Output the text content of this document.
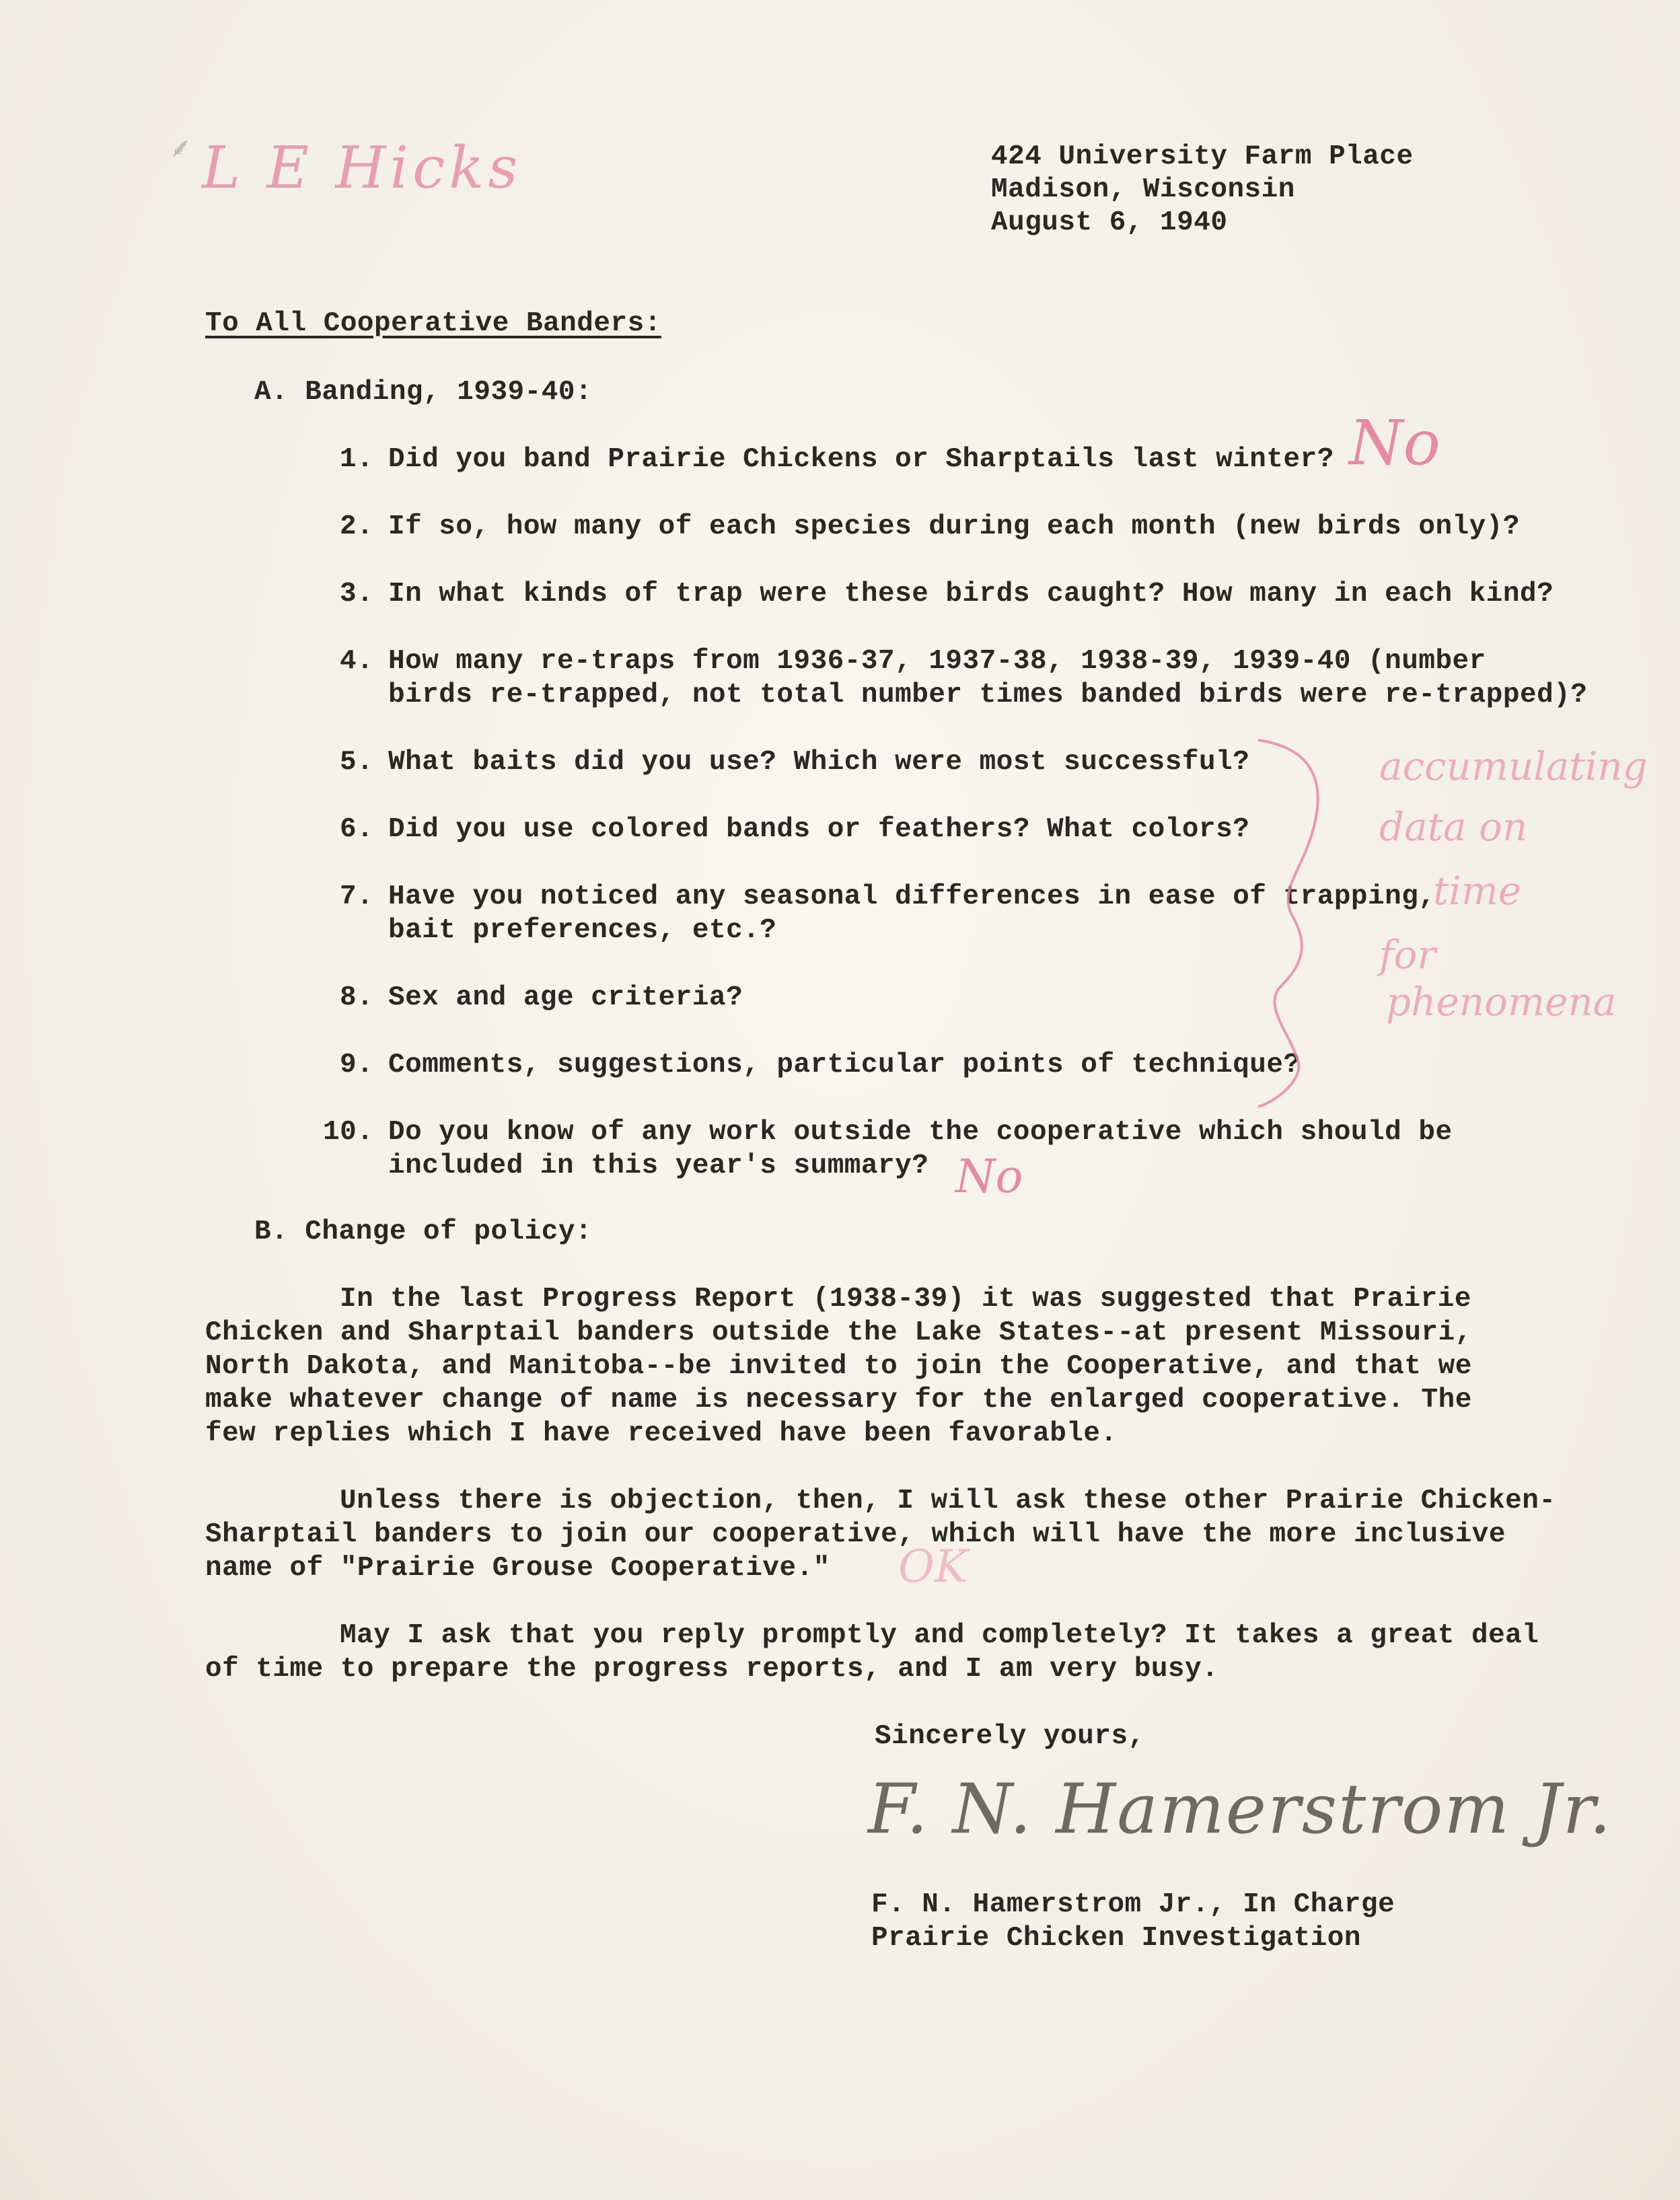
L E Hicks
⸙	424 University Farm Place
Madison, Wisconsin
August 6, 1940
To All Cooperative Banders:
A. Banding, 1939-40:
1. Did you band Prairie Chickens or Sharptails last winter?
2. If so, how many of each species during each month (new birds only)?
3. In what kinds of trap were these birds caught? How many in each kind?
4. How many re-traps from 1936-37, 1937-38, 1938-39, 1939-40 (number
birds re-trapped, not total number times banded birds were re-trapped)?
5. What baits did you use? Which were most successful?
6. Did you use colored bands or feathers? What colors?
7. Have you noticed any seasonal differences in ease of trapping,
bait preferences, etc.?
8. Sex and age criteria?
9. Comments, suggestions, particular points of technique?
10. Do you know of any work outside the cooperative which should be
included in this year's summary?
No
No
accumulating
data on
time
for
phenomena
B. Change of policy:
In the last Progress Report (1938-39) it was suggested that Prairie
Chicken and Sharptail banders outside the Lake States--at present Missouri,
North Dakota, and Manitoba--be invited to join the Cooperative, and that we
make whatever change of name is necessary for the enlarged cooperative. The
few replies which I have received have been favorable.
Unless there is objection, then, I will ask these other Prairie Chicken-
Sharptail banders to join our cooperative, which will have the more inclusive
name of "Prairie Grouse Cooperative." OK
May I ask that you reply promptly and completely? It takes a great deal
of time to prepare the progress reports, and I am very busy.
Sincerely yours,
F. N. Hamerstrom Jr.
F. N. Hamerstrom Jr., In Charge
Prairie Chicken Investigation
